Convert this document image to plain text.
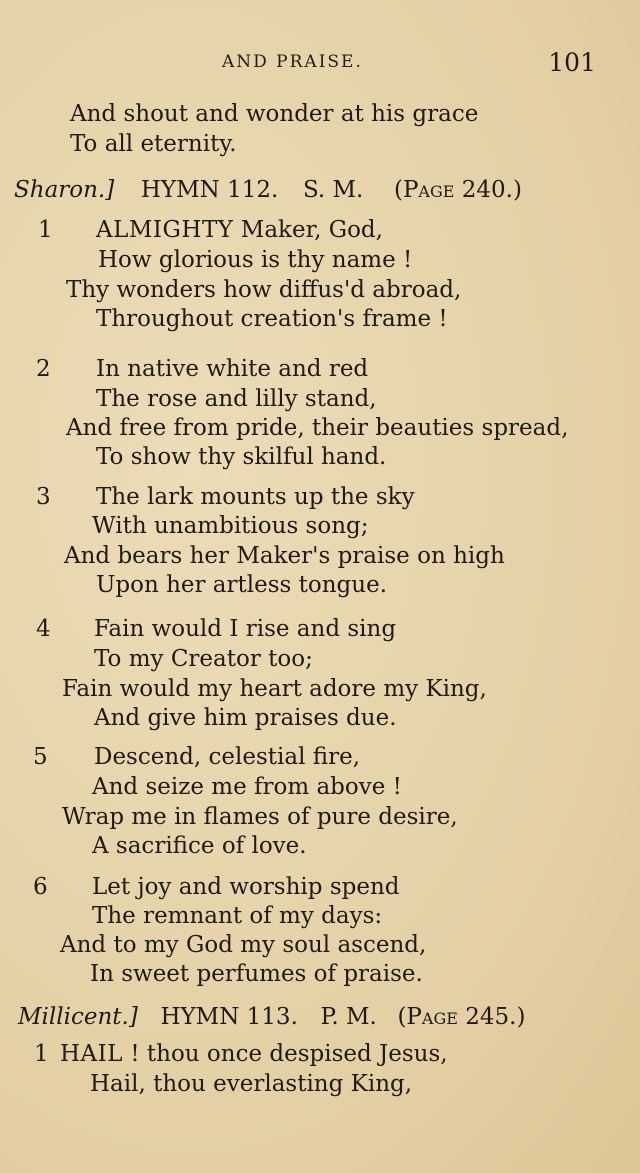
AND PRAISE.	101
And shout and wonder at his grace
To all eternity.
Sharon.] HYMN 112. S. M. (Page 240.)
1 ALMIGHTY Maker, God,
How glorious is thy name !
Thy wonders how diffus'd abroad,
Throughout creation's frame !
2 In native white and red
The rose and lilly stand,
And free from pride, their beauties spread,
To show thy skilful hand.
3 The lark mounts up the sky
With unambitious song;
And bears her Maker's praise on high
Upon her artless tongue.
4 Fain would I rise and sing
To my Creator too;
Fain would my heart adore my King,
And give him praises due.
5 Descend, celestial fire,
And seize me from above !
Wrap me in flames of pure desire,
A sacrifice of love.
6 Let joy and worship spend
The remnant of my days:
And to my God my soul ascend,
In sweet perfumes of praise.
Millicent.] HYMN 113. P. M. (Page 245.)
1 HAIL ! thou once despised Jesus,
Hail, thou everlasting King,
